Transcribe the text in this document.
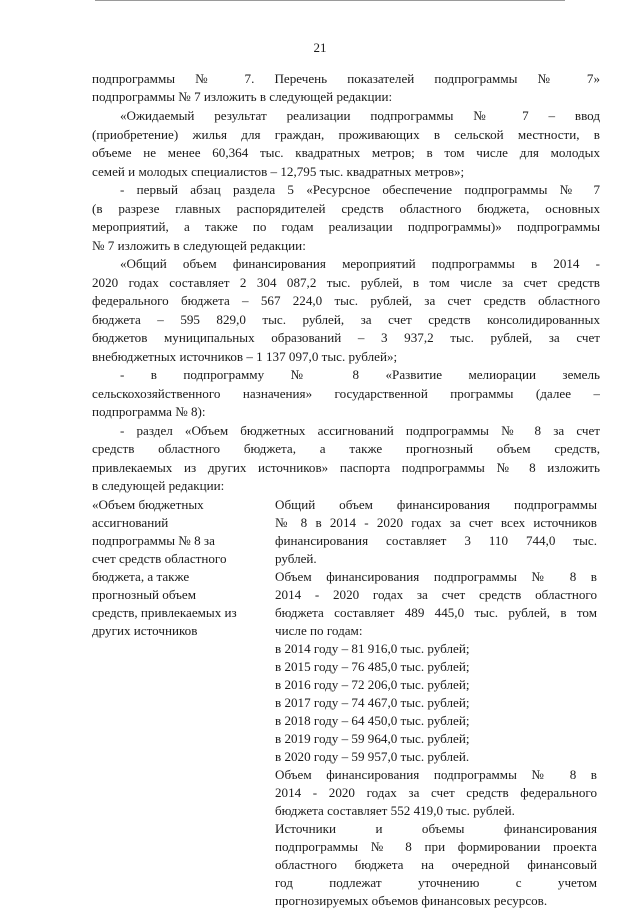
21
подпрограммы № 7. Перечень показателей подпрограммы № 7»
подпрограммы № 7 изложить в следующей редакции:
«Ожидаемый результат реализации подпрограммы № 7 – ввод
(приобретение) жилья для граждан, проживающих в сельской местности, в
объеме не менее 60,364 тыс. квадратных метров; в том числе для молодых
семей и молодых специалистов – 12,795 тыс. квадратных метров»;
- первый абзац раздела 5 «Ресурсное обеспечение подпрограммы № 7
(в разрезе главных распорядителей средств областного бюджета, основных
мероприятий, а также по годам реализации подпрограммы)» подпрограммы
№ 7 изложить в следующей редакции:
«Общий объем финансирования мероприятий подпрограммы в 2014 -
2020 годах составляет 2 304 087,2 тыс. рублей, в том числе за счет средств
федерального бюджета – 567 224,0 тыс. рублей, за счет средств областного
бюджета – 595 829,0 тыс. рублей, за счет средств консолидированных
бюджетов муниципальных образований – 3 937,2 тыс. рублей, за счет
внебюджетных источников – 1 137 097,0 тыс. рублей»;
- в подпрограмму № 8 «Развитие мелиорации земель
сельскохозяйственного назначения» государственной программы (далее –
подпрограмма № 8):
- раздел «Объем бюджетных ассигнований подпрограммы № 8 за счет
средств областного бюджета, а также прогнозный объем средств,
привлекаемых из других источников» паспорта подпрограммы № 8 изложить
в следующей редакции:
«Объем бюджетных
ассигнований
подпрограммы № 8 за
счет средств областного
бюджета, а также
прогнозный объем
средств, привлекаемых из
других источников
Общий объем финансирования подпрограммы
№ 8 в 2014 - 2020 годах за счет всех источников
финансирования составляет 3 110 744,0 тыс.
рублей.
Объем финансирования подпрограммы № 8 в
2014 - 2020 годах за счет средств областного
бюджета составляет 489 445,0 тыс. рублей, в том
числе по годам:
в 2014 году – 81 916,0 тыс. рублей;
в 2015 году – 76 485,0 тыс. рублей;
в 2016 году – 72 206,0 тыс. рублей;
в 2017 году – 74 467,0 тыс. рублей;
в 2018 году – 64 450,0 тыс. рублей;
в 2019 году – 59 964,0 тыс. рублей;
в 2020 году – 59 957,0 тыс. рублей.
Объем финансирования подпрограммы № 8 в
2014 - 2020 годах за счет средств федерального
бюджета составляет 552 419,0 тыс. рублей.
Источники и объемы финансирования
подпрограммы № 8 при формировании проекта
областного бюджета на очередной финансовый
год подлежат уточнению с учетом
прогнозируемых объемов финансовых ресурсов.
